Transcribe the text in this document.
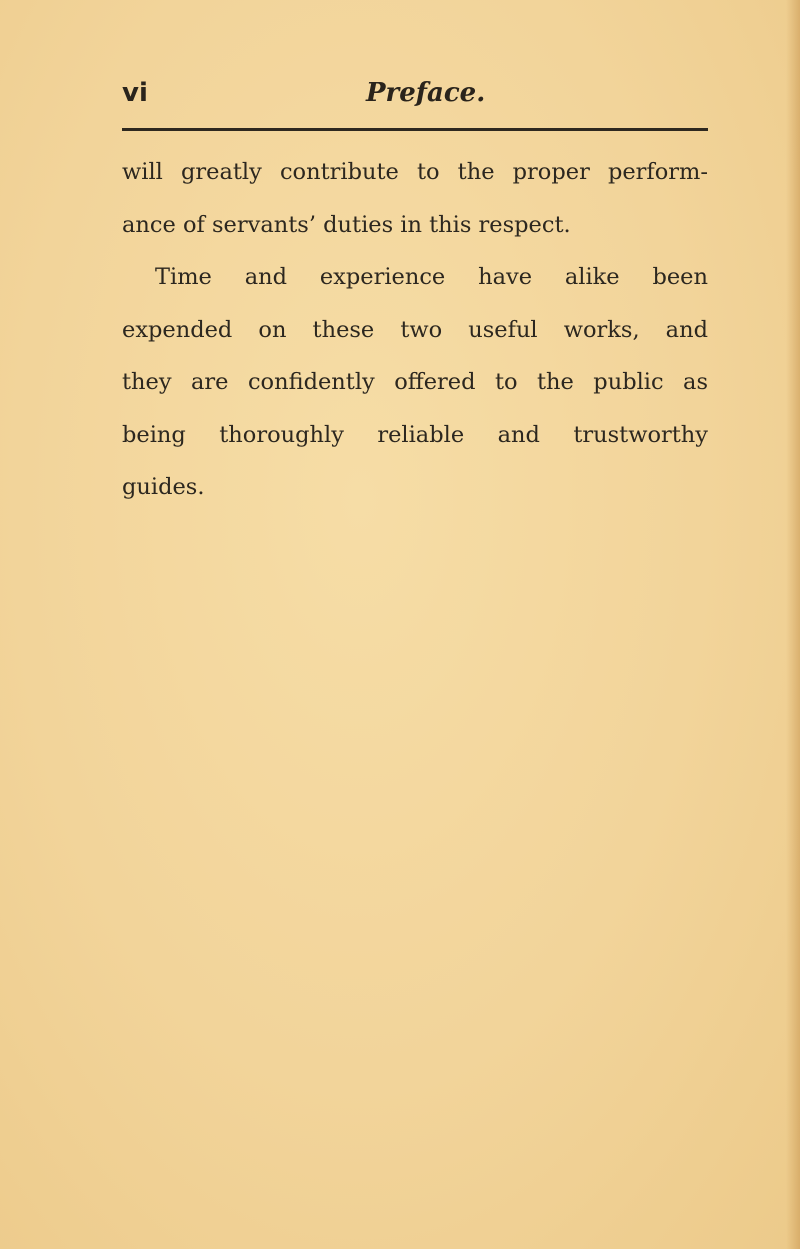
vi	Preface.
will greatly contribute to the proper perform-
ance of servants’ duties in this respect.
Time and experience have alike been
expended on these two useful works, and
they are confidently offered to the public as
being thoroughly reliable and trustworthy
guides.
